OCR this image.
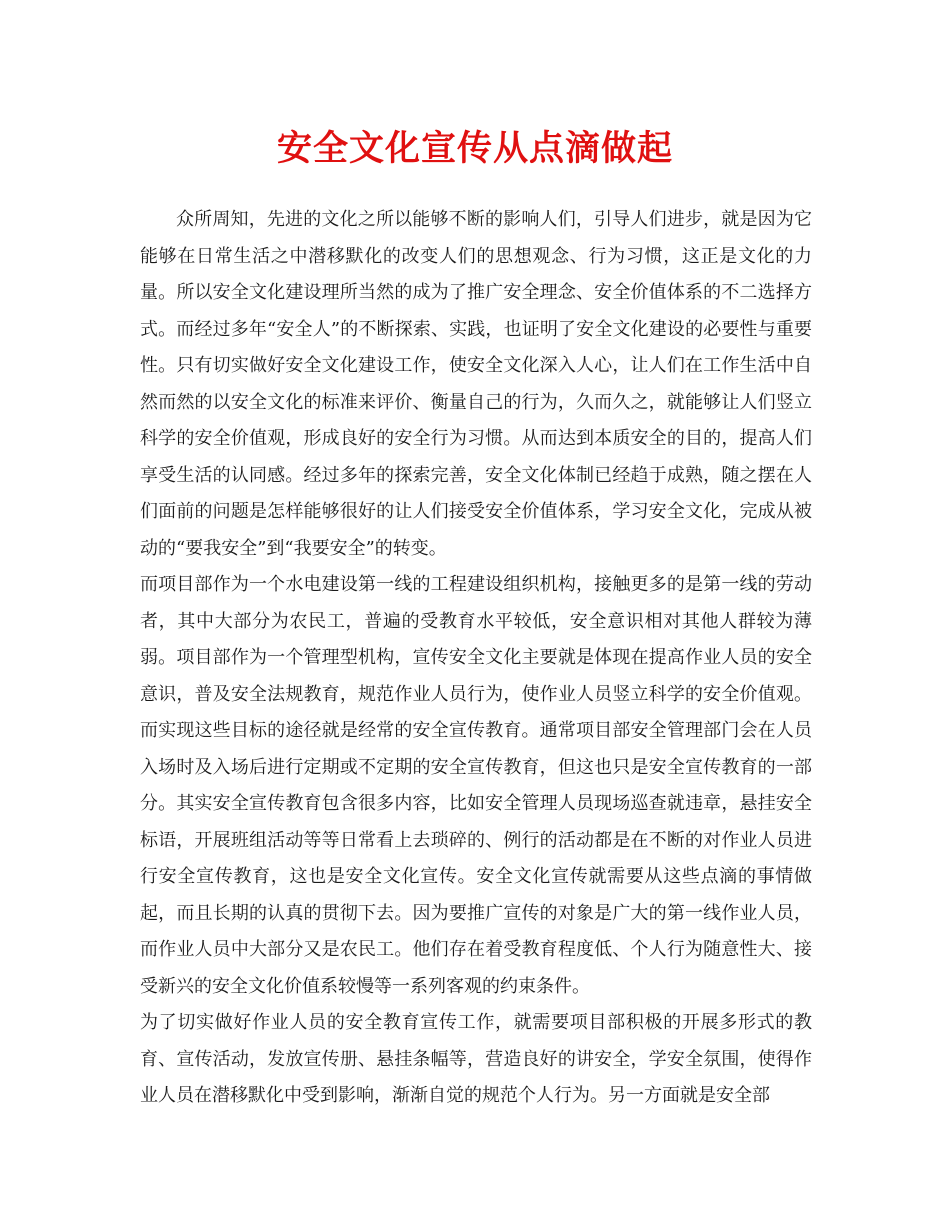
安全文化宣传从点滴做起

众所周知，先进的文化之所以能够不断的影响人们，引导人们进步，就是因为它能够在日常生活之中潜移默化的改变人们的思想观念、行为习惯，这正是文化的力量。所以安全文化建设理所当然的成为了推广安全理念、安全价值体系的不二选择方式。而经过多年“安全人”的不断探索、实践，也证明了安全文化建设的必要性与重要性。只有切实做好安全文化建设工作，使安全文化深入人心，让人们在工作生活中自然而然的以安全文化的标准来评价、衡量自己的行为，久而久之，就能够让人们竖立科学的安全价值观，形成良好的安全行为习惯。从而达到本质安全的目的，提高人们享受生活的认同感。经过多年的探索完善，安全文化体制已经趋于成熟，随之摆在人们面前的问题是怎样能够很好的让人们接受安全价值体系，学习安全文化，完成从被动的“要我安全”到“我要安全”的转变。

而项目部作为一个水电建设第一线的工程建设组织机构，接触更多的是第一线的劳动者，其中大部分为农民工，普遍的受教育水平较低，安全意识相对其他人群较为薄弱。项目部作为一个管理型机构，宣传安全文化主要就是体现在提高作业人员的安全意识，普及安全法规教育，规范作业人员行为，使作业人员竖立科学的安全价值观。而实现这些目标的途径就是经常的安全宣传教育。通常项目部安全管理部门会在人员入场时及入场后进行定期或不定期的安全宣传教育，但这也只是安全宣传教育的一部分。其实安全宣传教育包含很多内容，比如安全管理人员现场巡查就违章，悬挂安全标语，开展班组活动等等日常看上去琐碎的、例行的活动都是在不断的对作业人员进行安全宣传教育，这也是安全文化宣传。安全文化宣传就需要从这些点滴的事情做起，而且长期的认真的贯彻下去。因为要推广宣传的对象是广大的第一线作业人员，而作业人员中大部分又是农民工。他们存在着受教育程度低、个人行为随意性大、接受新兴的安全文化价值系较慢等一系列客观的约束条件。

为了切实做好作业人员的安全教育宣传工作，就需要项目部积极的开展多形式的教育、宣传活动，发放宣传册、悬挂条幅等，营造良好的讲安全，学安全氛围，使得作业人员在潜移默化中受到影响，渐渐自觉的规范个人行为。另一方面就是安全部
